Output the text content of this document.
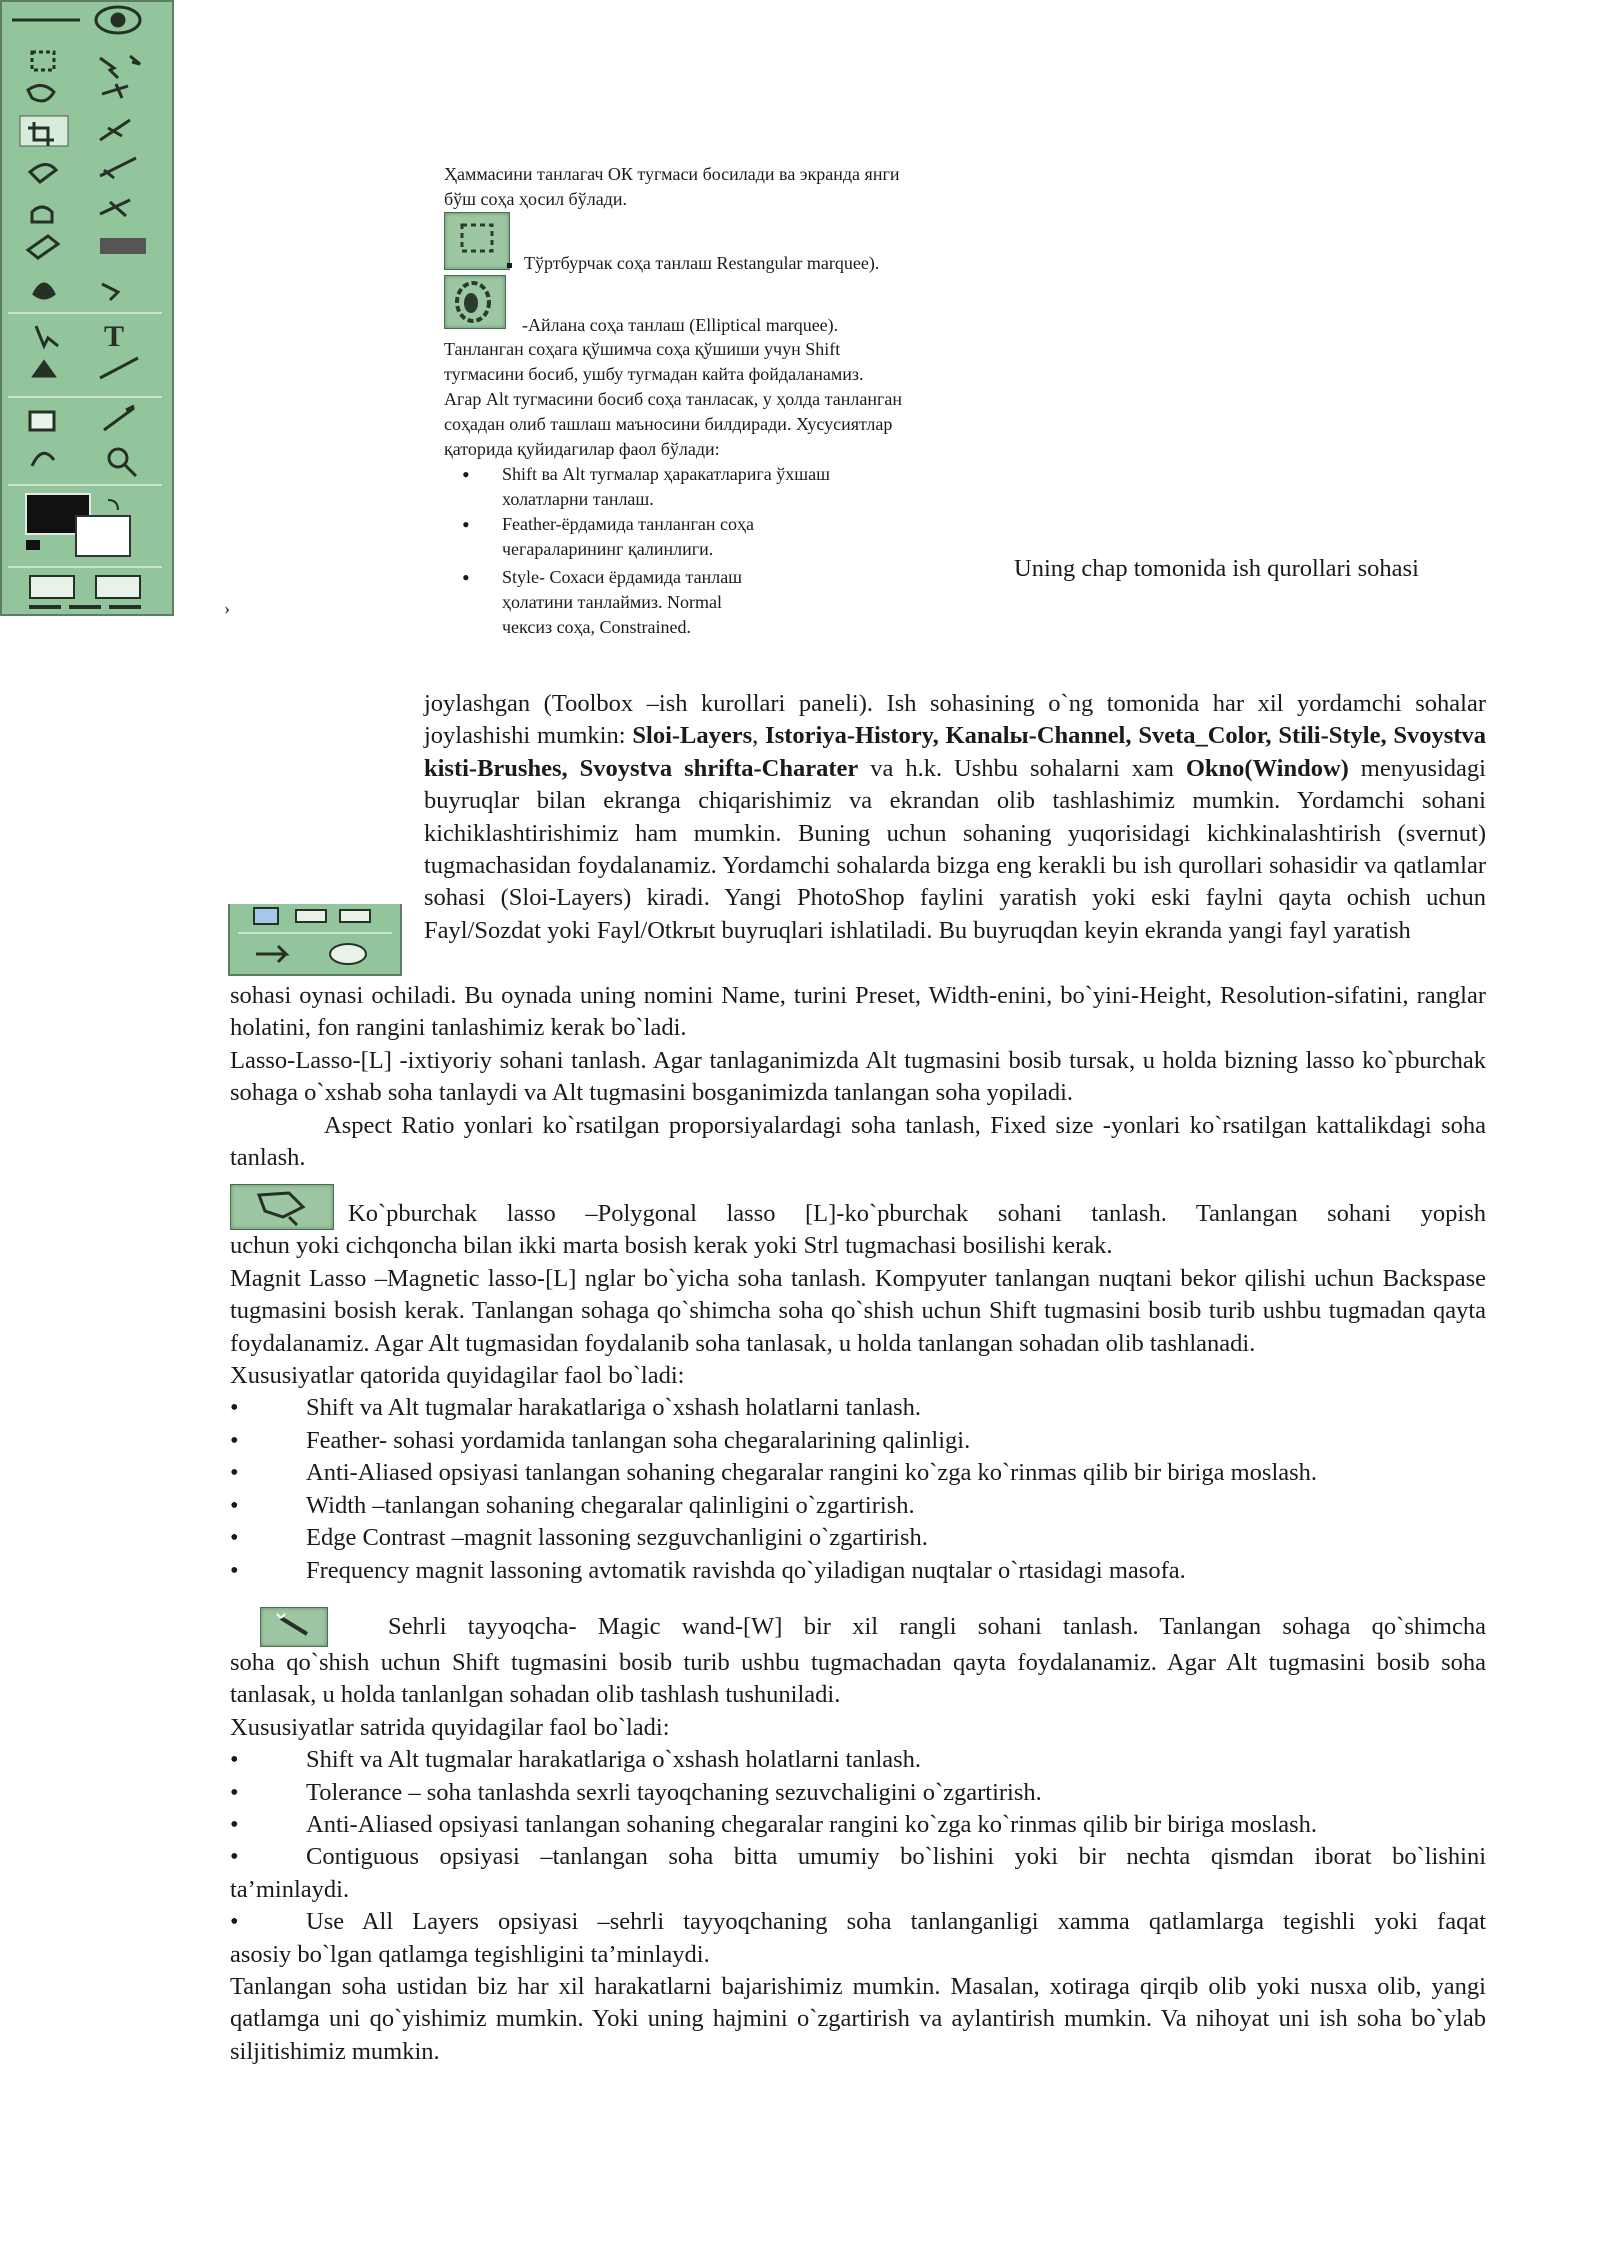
Ҳаммасини танлагач ОК тугмаси босилади ва экранда янги
бўш соҳа ҳосил бўлади.
Тўртбурчак соҳа танлаш Restangular marquee).
-Айлана соҳа танлаш (Elliptical marquee).
Танланган соҳага қўшимча соҳа қўшиши учун Shift
тугмасини босиб, ушбу тугмадан кайта фойдаланамиз.
Агар Alt тугмасини босиб соҳа танласак, у ҳолда танланган
соҳадан олиб ташлаш маъносини билдиради. Хусусиятлар
қаторида қуйидагилар фаол бўлади:
• Shift ва Alt тугмалар ҳаракатларига ўхшаш
холатларни танлаш.
• Feather-ёрдамида танланган соҳа
чегараларининг қалинлиги.
• Style- Сохаси ёрдамида танлаш
ҳолатини танлаймиз. Normal
чексиз соҳа, Constrained.
Uning chap tomonida ish qurollari sohasi
›
T
joylashgan (Toolbox –ish kurollari paneli). Ish sohasining o`ng tomonida har xil yordamchi sohalar joylashishi mumkin: Sloi-Layers, Istoriya-History, Kanalы-Channel, Sveta_Color, Stili-Style, Svoystva kisti-Brushes, Svoystva shrifta-Charater va h.k. Ushbu sohalarni xam Okno(Window) menyusidagi buyruqlar bilan ekranga chiqarishimiz va ekrandan olib tashlashimiz mumkin. Yordamchi sohani kichiklashtirishimiz ham mumkin. Buning uchun sohaning yuqorisidagi kichkinalashtirish (svernut) tugmachasidan foydalanamiz. Yordamchi sohalarda bizga eng kerakli bu ish qurollari sohasidir va qatlamlar sohasi (Sloi-Layers) kiradi. Yangi PhotoShop faylini yaratish yoki eski faylni qayta ochish uchun Fayl/Sozdat yoki Fayl/Otkrыt buyruqlari ishlatiladi. Bu buyruqdan keyin ekranda yangi fayl yaratish

sohasi oynasi ochiladi. Bu oynada uning nomini Name, turini Preset, Width-enini, bo`yini-Height, Resolution-sifatini, ranglar holatini, fon rangini tanlashimiz kerak bo`ladi.

Lasso-Lasso-[L] -ixtiyoriy sohani tanlash. Agar tanlaganimizda Alt tugmasini bosib tursak, u holda bizning lasso ko`pburchak sohaga o`xshab soha tanlaydi va Alt tugmasini bosganimizda tanlangan soha yopiladi.

Aspect Ratio yonlari ko`rsatilgan proporsiyalardagi soha tanlash, Fixed size -yonlari ko`rsatilgan kattalikdagi soha tanlash.

Ko`pburchak lasso –Polygonal lasso [L]-ko`pburchak sohani tanlash. Tanlangan sohani yopish

uchun yoki cichqoncha bilan ikki marta bosish kerak yoki Strl tugmachasi bosilishi kerak.

Magnit Lasso –Magnetic lasso-[L] nglar bo`yicha soha tanlash. Kompyuter tanlangan nuqtani bekor qilishi uchun Backspase tugmasini bosish kerak. Tanlangan sohaga qo`shimcha soha qo`shish uchun Shift tugmasini bosib turib ushbu tugmadan qayta foydalanamiz. Agar Alt tugmasidan foydalanib soha tanlasak, u holda tanlangan sohadan olib tashlanadi.

Xususiyatlar qatorida quyidagilar faol bo`ladi:

•	Shift va Alt tugmalar harakatlariga o`xshash holatlarni tanlash.
•	Feather- sohasi yordamida tanlangan soha chegaralarining qalinligi.
•	Anti-Aliased opsiyasi tanlangan sohaning chegaralar rangini ko`zga ko`rinmas qilib bir biriga moslash.
•	Width –tanlangan sohaning chegaralar qalinligini o`zgartirish.
•	Edge Contrast –magnit lassoning sezguvchanligini o`zgartirish.
•	Frequency magnit lassoning avtomatik ravishda qo`yiladigan nuqtalar o`rtasidagi masofa.
Sehrli tayyoqcha- Magic wand-[W] bir xil rangli sohani tanlash. Tanlangan sohaga qo`shimcha

soha qo`shish uchun Shift tugmasini bosib turib ushbu tugmachadan qayta foydalanamiz. Agar Alt tugmasini bosib soha tanlasak, u holda tanlanlgan sohadan olib tashlash tushuniladi.

Xususiyatlar satrida quyidagilar faol bo`ladi:

•	Shift va Alt tugmalar harakatlariga o`xshash holatlarni tanlash.
•	Tolerance – soha tanlashda sexrli tayoqchaning sezuvchaligini o`zgartirish.
•	Anti-Aliased opsiyasi tanlangan sohaning chegaralar rangini ko`zga ko`rinmas qilib bir biriga moslash.
•	Contiguous opsiyasi –tanlangan soha bitta umumiy bo`lishini yoki bir nechta qismdan iborat bo`lishini
ta’minlaydi.
•	Use All Layers opsiyasi –sehrli tayyoqchaning soha tanlanganligi xamma qatlamlarga tegishli yoki faqat
asosiy bo`lgan qatlamga tegishligini ta’minlaydi.

Tanlangan soha ustidan biz har xil harakatlarni bajarishimiz mumkin. Masalan, xotiraga qirqib olib yoki nusxa olib, yangi qatlamga uni qo`yishimiz mumkin. Yoki uning hajmini o`zgartirish va aylantirish mumkin. Va nihoyat uni ish soha bo`ylab siljitishimiz mumkin.
